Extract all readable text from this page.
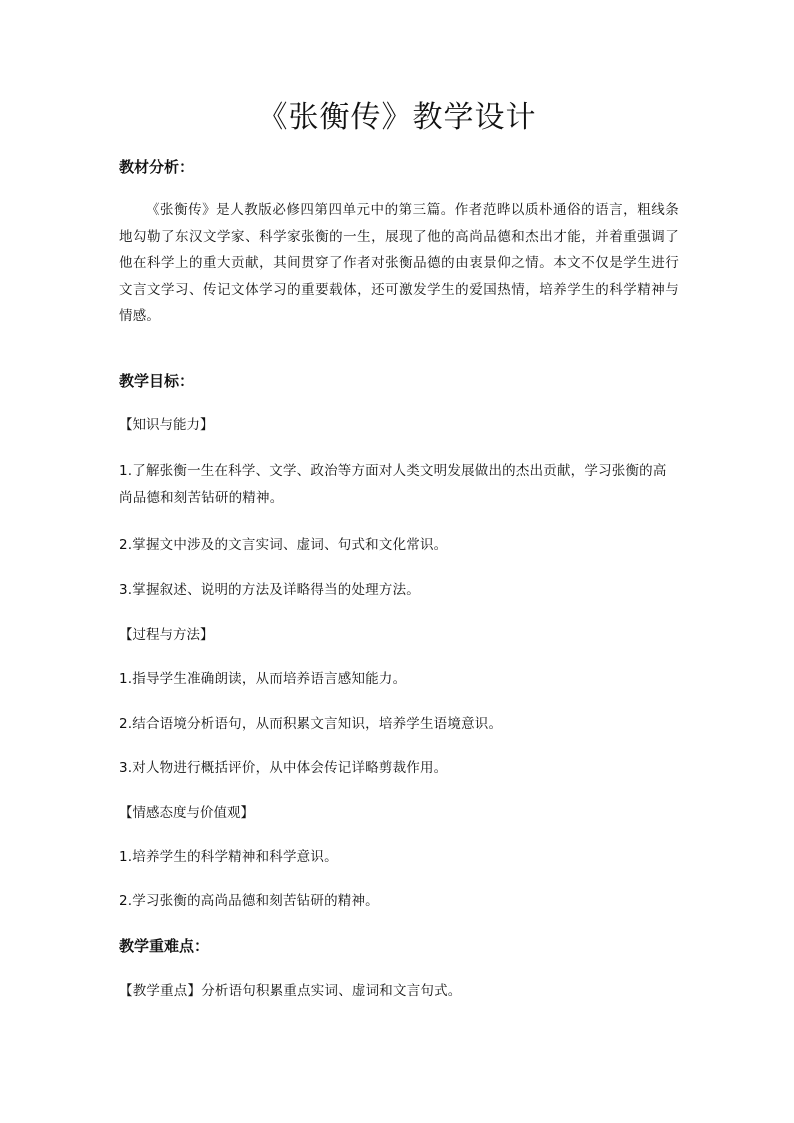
《张衡传》教学设计
教材分析：
《张衡传》是人教版必修四第四单元中的第三篇。作者范晔以质朴通俗的语言，粗线条地勾勒了东汉文学家、科学家张衡的一生，展现了他的高尚品德和杰出才能，并着重强调了他在科学上的重大贡献，其间贯穿了作者对张衡品德的由衷景仰之情。本文不仅是学生进行文言文学习、传记文体学习的重要载体，还可激发学生的爱国热情，培养学生的科学精神与情感。
教学目标：
【知识与能力】
1.了解张衡一生在科学、文学、政治等方面对人类文明发展做出的杰出贡献，学习张衡的高尚品德和刻苦钻研的精神。
2.掌握文中涉及的文言实词、虚词、句式和文化常识。
3.掌握叙述、说明的方法及详略得当的处理方法。
【过程与方法】
1.指导学生准确朗读，从而培养语言感知能力。
2.结合语境分析语句，从而积累文言知识，培养学生语境意识。
3.对人物进行概括评价，从中体会传记详略剪裁作用。
【情感态度与价值观】
1.培养学生的科学精神和科学意识。
2.学习张衡的高尚品德和刻苦钻研的精神。
教学重难点：
【教学重点】分析语句积累重点实词、虚词和文言句式。
